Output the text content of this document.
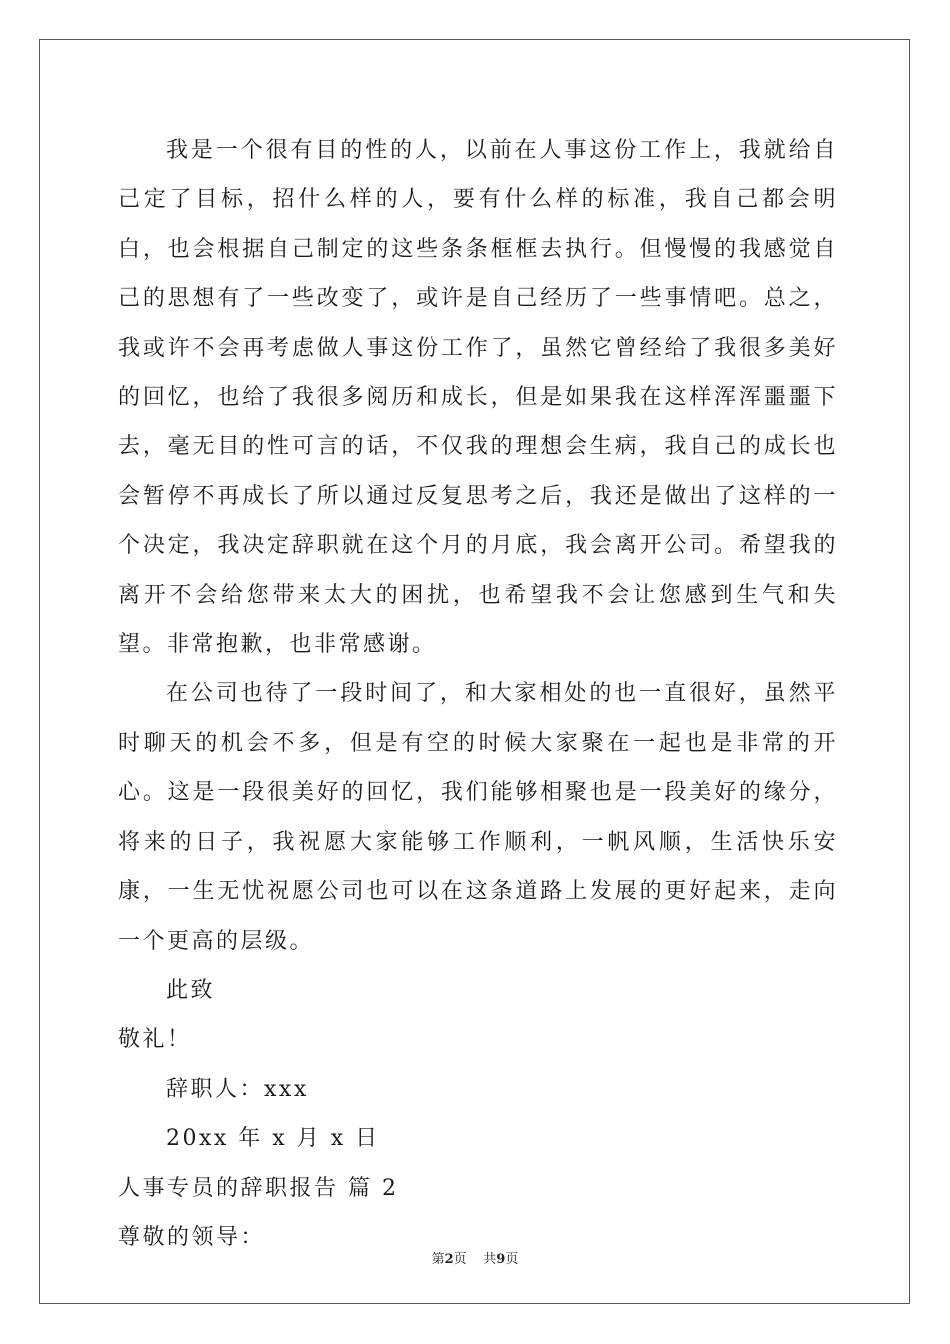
我是一个很有目的性的人，以前在人事这份工作上，我就给自己定了目标，招什么样的人，要有什么样的标准，我自己都会明白，也会根据自己制定的这些条条框框去执行。但慢慢的我感觉自己的思想有了一些改变了，或许是自己经历了一些事情吧。总之，我或许不会再考虑做人事这份工作了，虽然它曾经给了我很多美好的回忆，也给了我很多阅历和成长，但是如果我在这样浑浑噩噩下去，毫无目的性可言的话，不仅我的理想会生病，我自己的成长也会暂停不再成长了所以通过反复思考之后，我还是做出了这样的一个决定，我决定辞职就在这个月的月底，我会离开公司。希望我的离开不会给您带来太大的困扰，也希望我不会让您感到生气和失望。非常抱歉，也非常感谢。

在公司也待了一段时间了，和大家相处的也一直很好，虽然平时聊天的机会不多，但是有空的时候大家聚在一起也是非常的开心。这是一段很美好的回忆，我们能够相聚也是一段美好的缘分，将来的日子，我祝愿大家能够工作顺利，一帆风顺，生活快乐安康，一生无忧祝愿公司也可以在这条道路上发展的更好起来，走向一个更高的层级。

此致

敬礼！

辞职人：xxx

20xx 年 x 月 x 日

人事专员的辞职报告 篇 2

尊敬的领导：

第2页 共9页
